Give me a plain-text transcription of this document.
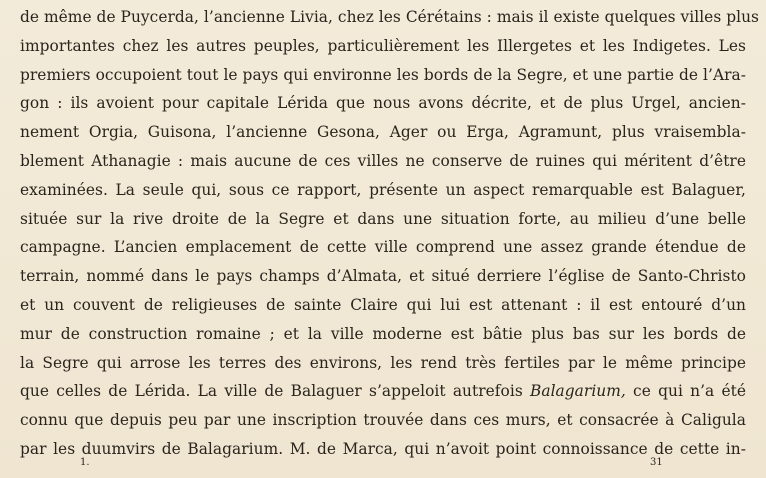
de même de Puycerda, l’ancienne Livia, chez les Cérétains : mais il existe quelques villes plus
importantes chez les autres peuples, particulièrement les Illergetes et les Indigetes. Les
premiers occupoient tout le pays qui environne les bords de la Segre, et une partie de l’Ara-
gon : ils avoient pour capitale Lérida que nous avons décrite, et de plus Urgel, ancien-
nement Orgia, Guisona, l’ancienne Gesona, Ager ou Erga, Agramunt, plus vraisembla-
blement Athanagie : mais aucune de ces villes ne conserve de ruines qui méritent d’être
examinées. La seule qui, sous ce rapport, présente un aspect remarquable est Balaguer,
située sur la rive droite de la Segre et dans une situation forte, au milieu d’une belle
campagne. L’ancien emplacement de cette ville comprend une assez grande étendue de
terrain, nommé dans le pays champs d’Almata, et situé derriere l’église de Santo-Christo
et un couvent de religieuses de sainte Claire qui lui est attenant : il est entouré d’un
mur de construction romaine ; et la ville moderne est bâtie plus bas sur les bords de
la Segre qui arrose les terres des environs, les rend très fertiles par le même principe
que celles de Lérida. La ville de Balaguer s’appeloit autrefois Balagarium, ce qui n’a été
connu que depuis peu par une inscription trouvée dans ces murs, et consacrée à Caligula
par les duumvirs de Balagarium. M. de Marca, qui n’avoit point connoissance de cette in-
1.	31
